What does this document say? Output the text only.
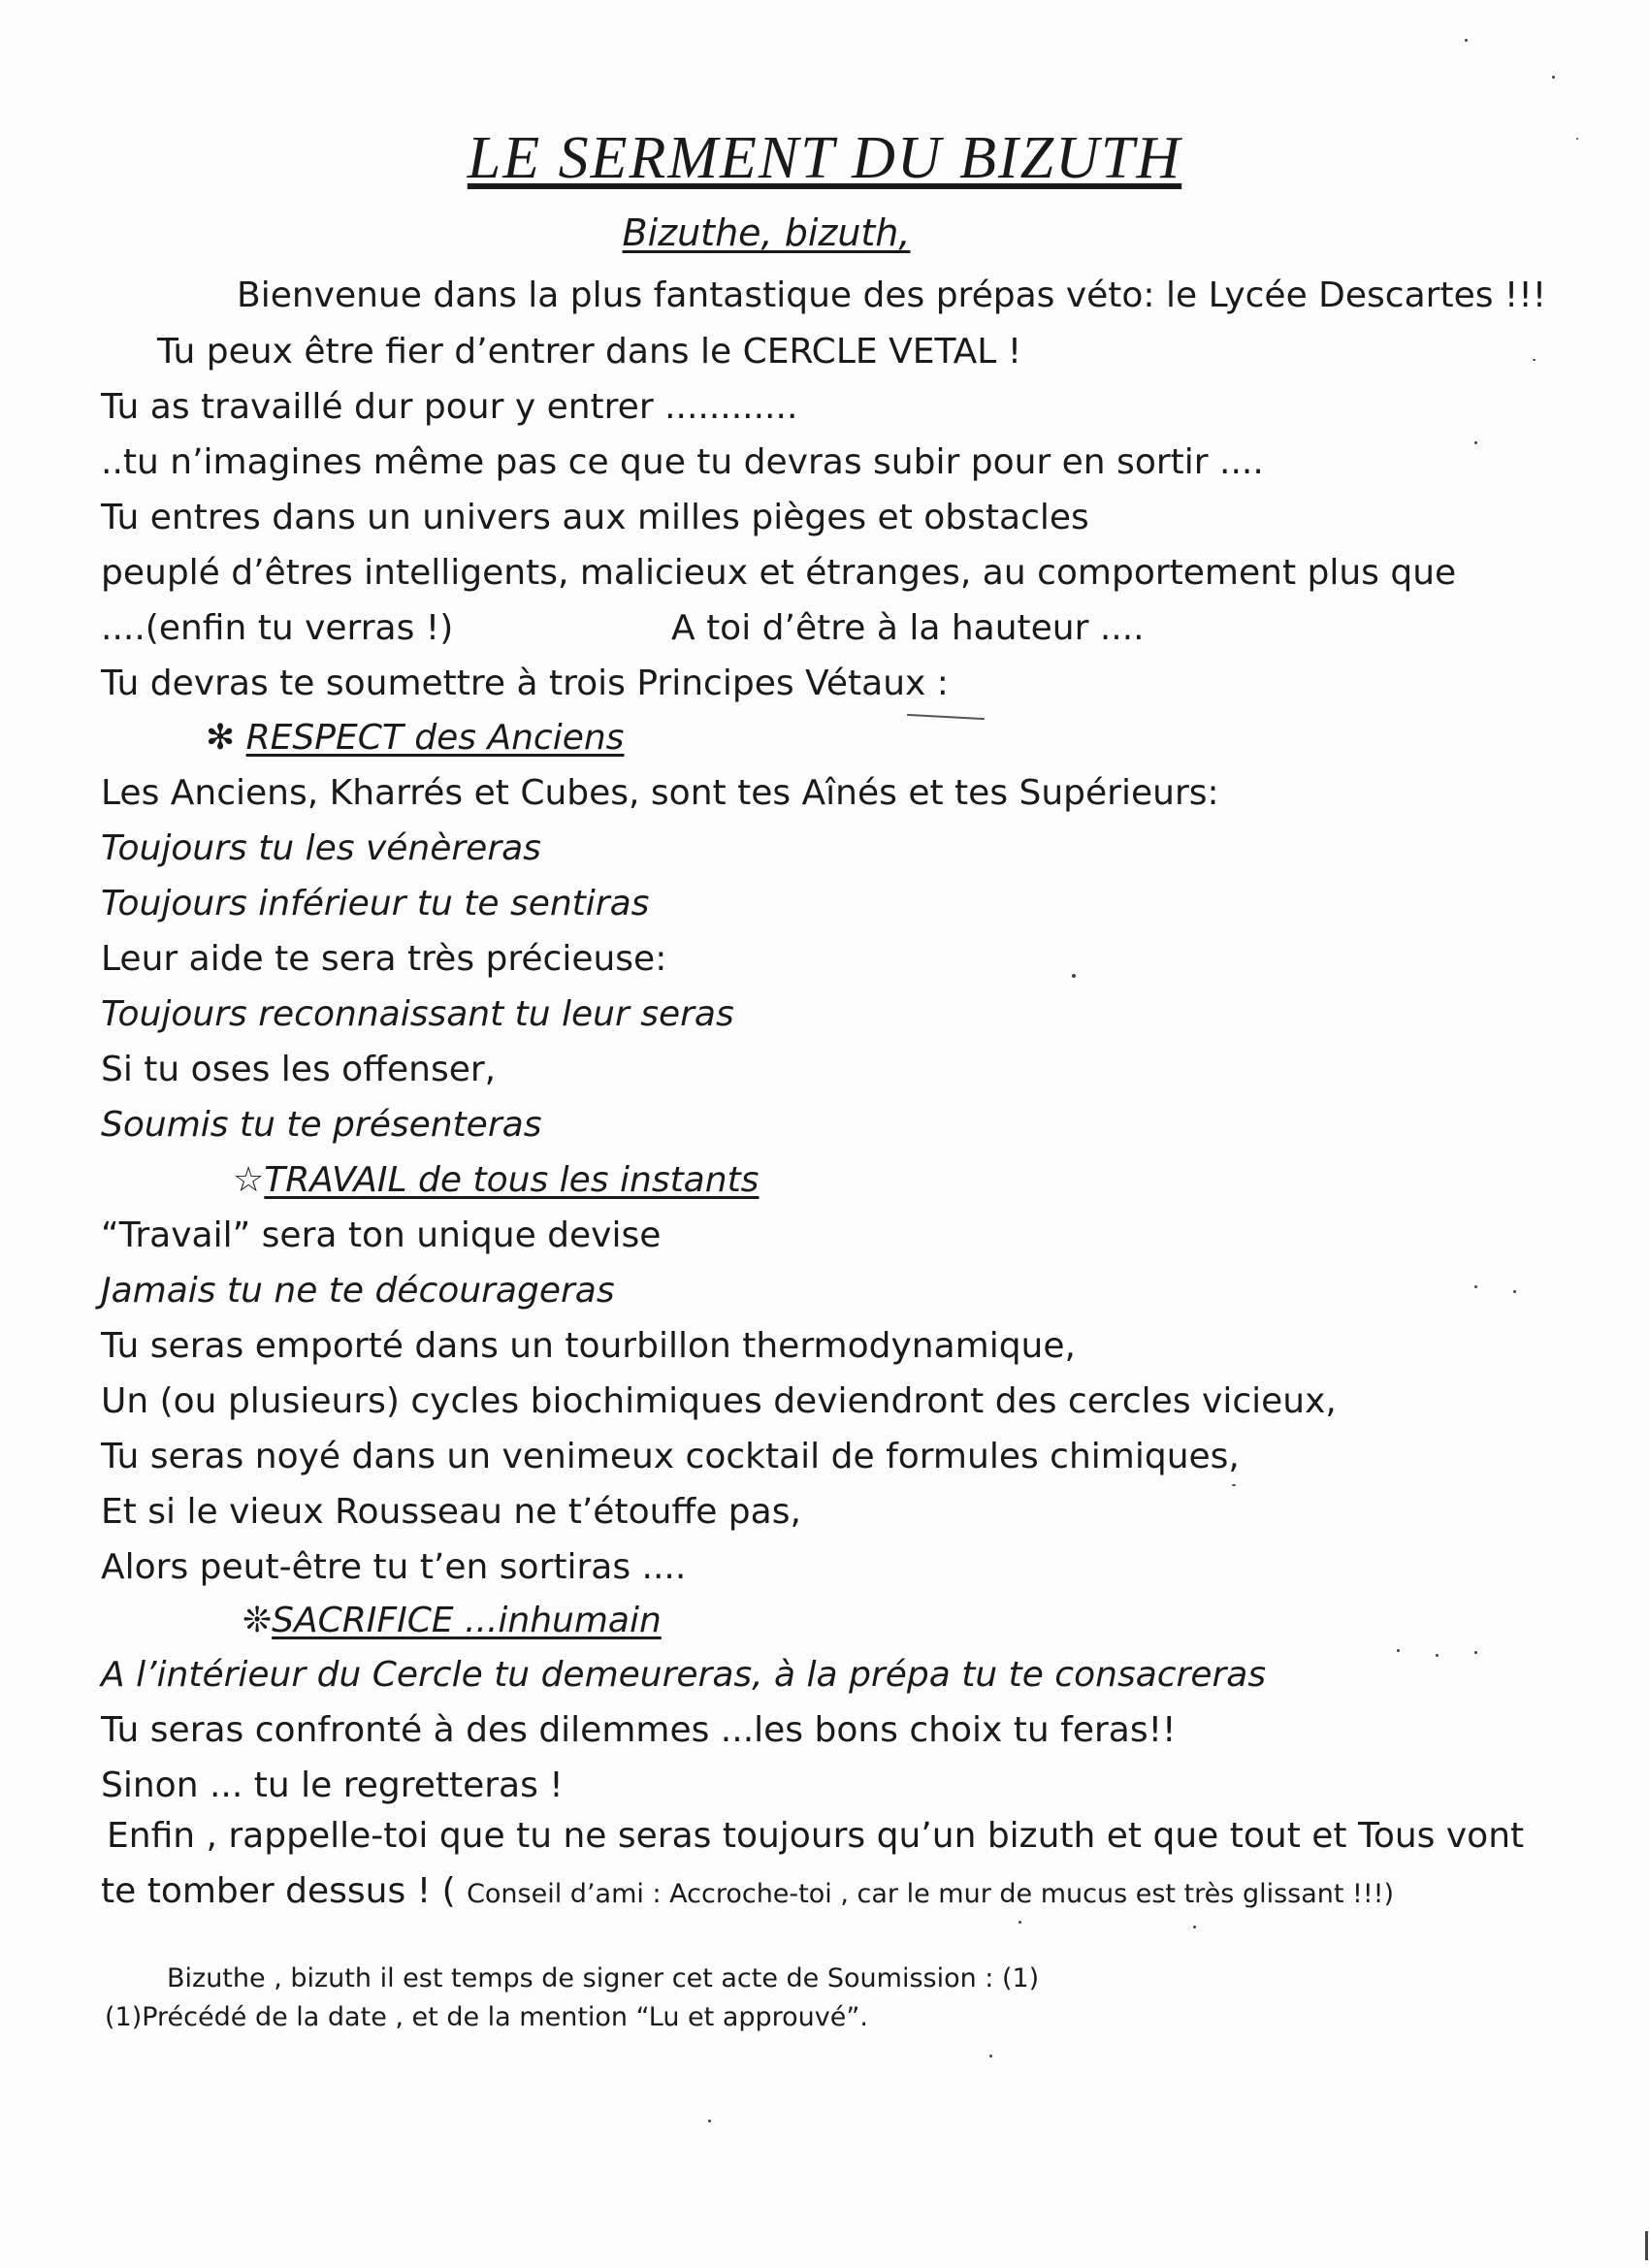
LE SERMENT DU BIZUTH
Bizuthe, bizuth,
Bienvenue dans la plus fantastique des prépas véto: le Lycée Descartes !!!
Tu peux être fier d’entrer dans le CERCLE VETAL !
Tu as travaillé dur pour y entrer ............
..tu n’imagines même pas ce que tu devras subir pour en sortir ....
Tu entres dans un univers aux milles pièges et obstacles
peuplé d’êtres intelligents, malicieux et étranges, au comportement plus que
....(enfin tu verras !)	A toi d’être à la hauteur ....
Tu devras te soumettre à trois Principes Vétaux :
✻ RESPECT des Anciens
Les Anciens, Kharrés et Cubes, sont tes Aînés et tes Supérieurs:
Toujours tu les vénèreras
Toujours inférieur tu te sentiras
Leur aide te sera très précieuse:
Toujours reconnaissant tu leur seras
Si tu oses les offenser,
Soumis tu te présenteras
☆TRAVAIL de tous les instants
“Travail” sera ton unique devise
Jamais tu ne te décourageras
Tu seras emporté dans un tourbillon thermodynamique,
Un (ou plusieurs) cycles biochimiques deviendront des cercles vicieux,
Tu seras noyé dans un venimeux cocktail de formules chimiques,
Et si le vieux Rousseau ne t’étouffe pas,
Alors peut-être tu t’en sortiras ....
❊SACRIFICE ...inhumain
A l’intérieur du Cercle tu demeureras, à la prépa tu te consacreras
Tu seras confronté à des dilemmes ...les bons choix tu feras!!
Sinon ... tu le regretteras !
Enfin , rappelle-toi que tu ne seras toujours qu’un bizuth et que tout et Tous vont
te tomber dessus ! ( Conseil d’ami : Accroche-toi , car le mur de mucus est très glissant !!!)
Bizuthe , bizuth il est temps de signer cet acte de Soumission : (1)
(1)Précédé de la date , et de la mention “Lu et approuvé”.
